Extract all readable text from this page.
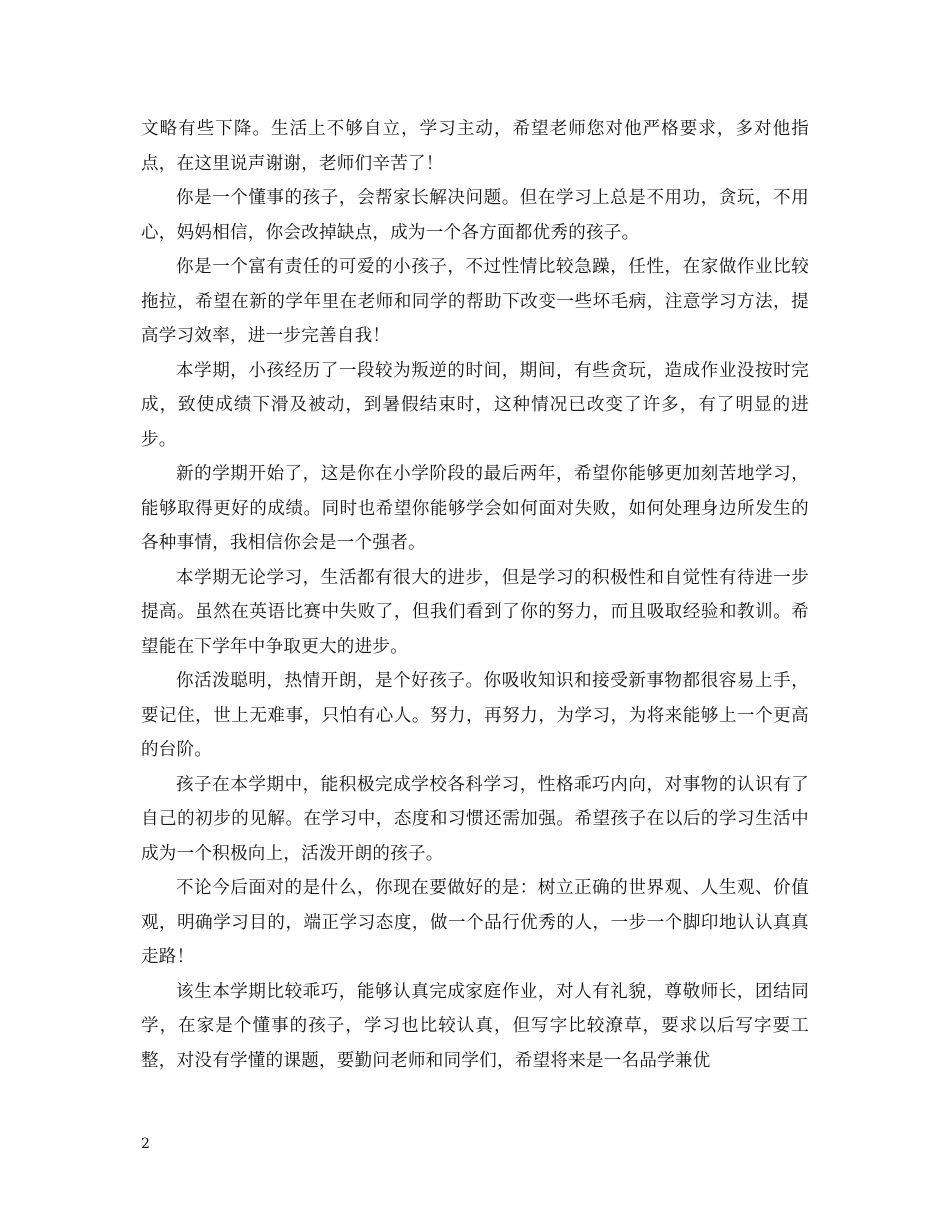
文略有些下降。生活上不够自立，学习主动，希望老师您对他严格要求，多对他指点，在这里说声谢谢，老师们辛苦了！

你是一个懂事的孩子，会帮家长解决问题。但在学习上总是不用功，贪玩，不用心，妈妈相信，你会改掉缺点，成为一个各方面都优秀的孩子。

你是一个富有责任的可爱的小孩子，不过性情比较急躁，任性，在家做作业比较拖拉，希望在新的学年里在老师和同学的帮助下改变一些坏毛病，注意学习方法，提高学习效率，进一步完善自我！

本学期，小孩经历了一段较为叛逆的时间，期间，有些贪玩，造成作业没按时完成，致使成绩下滑及被动，到暑假结束时，这种情况已改变了许多，有了明显的进步。

新的学期开始了，这是你在小学阶段的最后两年，希望你能够更加刻苦地学习，能够取得更好的成绩。同时也希望你能够学会如何面对失败，如何处理身边所发生的各种事情，我相信你会是一个强者。

本学期无论学习，生活都有很大的进步，但是学习的积极性和自觉性有待进一步提高。虽然在英语比赛中失败了，但我们看到了你的努力，而且吸取经验和教训。希望能在下学年中争取更大的进步。

你活泼聪明，热情开朗，是个好孩子。你吸收知识和接受新事物都很容易上手，要记住，世上无难事，只怕有心人。努力，再努力，为学习，为将来能够上一个更高的台阶。

孩子在本学期中，能积极完成学校各科学习，性格乖巧内向，对事物的认识有了自己的初步的见解。在学习中，态度和习惯还需加强。希望孩子在以后的学习生活中成为一个积极向上，活泼开朗的孩子。

不论今后面对的是什么，你现在要做好的是：树立正确的世界观、人生观、价值观，明确学习目的，端正学习态度，做一个品行优秀的人，一步一个脚印地认认真真走路！

该生本学期比较乖巧，能够认真完成家庭作业，对人有礼貌，尊敬师长，团结同学，在家是个懂事的孩子，学习也比较认真，但写字比较潦草，要求以后写字要工整，对没有学懂的课题，要勤问老师和同学们，希望将来是一名品学兼优

2
